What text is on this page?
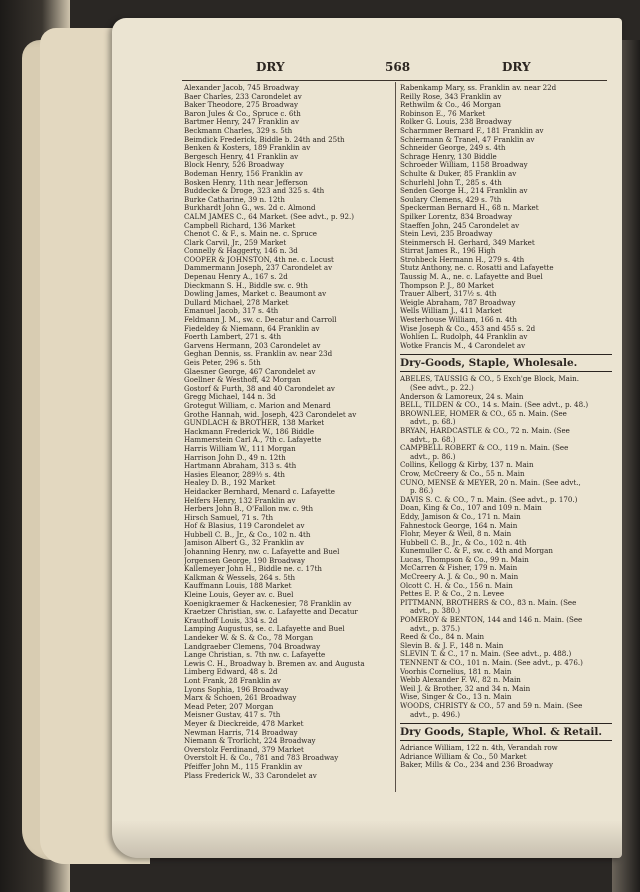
DRY	568	DRY
Alexander Jacob, 745 Broadway
Baer Charles, 233 Carondelet av
Baker Theodore, 275 Broadway
Baron Jules & Co., Spruce c. 6th
Bartmer Henry, 247 Franklin av
Beckmann Charles, 329 s. 5th
Beimdick Frederick, Biddle b. 24th and 25th
Benken & Kosters, 189 Franklin av
Bergesch Henry, 41 Franklin av
Block Henry, 526 Broadway
Bodeman Henry, 156 Franklin av
Bosken Henry, 11th near Jefferson
Buddecke & Droge, 323 and 325 s. 4th
Burke Catharine, 39 n. 12th
Burkhardt John G., ws. 2d c. Almond
CALM JAMES C., 64 Market. (See advt., p. 92.)
Campbell Richard, 136 Market
Chenot C. & F., s. Main ne. c. Spruce
Clark Carvil, Jr., 259 Market
Connelly & Haggerty, 146 n. 3d
COOPER & JOHNSTON, 4th ne. c. Locust
Dammermann Joseph, 237 Carondelet av
Depenau Henry A., 167 s. 2d
Dieckmann S. H., Biddle sw. c. 9th
Dowling James, Market c. Beaumont av
Dullard Michael, 278 Market
Emanuel Jacob, 317 s. 4th
Feldmann J. M., sw. c. Decatur and Carroll
Fiedeldey & Niemann, 64 Franklin av
Foerth Lambert, 271 s. 4th
Garvens Hermann, 203 Carondelet av
Geghan Dennis, ss. Franklin av. near 23d
Geis Peter, 296 s. 5th
Glaesner George, 467 Carondelet av
Goellner & Westhoff, 42 Morgan
Gostorf & Furth, 38 and 40 Carondelet av
Gregg Michael, 144 n. 3d
Grotegut William, c. Marion and Menard
Grothe Hannah, wid. Joseph, 423 Carondelet av
GUNDLACH & BROTHER, 138 Market
Hackmann Frederick W., 186 Biddle
Hammerstein Carl A., 7th c. Lafayette
Harris William W., 111 Morgan
Harrison John D., 49 n. 12th
Hartmann Abraham, 313 s. 4th
Hasies Eleanor, 289½ s. 4th
Healey D. B., 192 Market
Heidacker Bernhard, Menard c. Lafayette
Helfers Henry, 132 Franklin av
Herbers John B., O'Fallon nw. c. 9th
Hirsch Samuel, 71 s. 7th
Hof & Blasius, 119 Carondelet av
Hubbell C. B., Jr., & Co., 102 n. 4th
Jamison Albert G., 32 Franklin av
Johanning Henry, nw. c. Lafayette and Buel
Jorgensen George, 190 Broadway
Kallemeyer John H., Biddle ne. c. 17th
Kalkman & Wessels, 264 s. 5th
Kauffmann Louis, 188 Market
Kleine Louis, Geyer av. c. Buel
Koenigkraemer & Hackenesier, 78 Franklin av
Kraetzer Christian, sw. c. Lafayette and Decatur
Krauthoff Louis, 334 s. 2d
Lamping Augustus, se. c. Lafayette and Buel
Landeker W. & S. & Co., 78 Morgan
Landgraeber Clemens, 704 Broadway
Lange Christian, s. 7th nw. c. Lafayette
Lewis C. H., Broadway b. Bremen av. and Augusta
Limberg Edward, 48 s. 2d
Lont Frank, 28 Franklin av
Lyons Sophia, 196 Broadway
Marx & Schoen, 261 Broadway
Mead Peter, 207 Morgan
Meisner Gustav, 417 s. 7th
Meyer & Dieckreide, 478 Market
Newman Harris, 714 Broadway
Niemann & Trorlicht, 224 Broadway
Overstolz Ferdinand, 379 Market
Overstolt H. & Co., 781 and 783 Broadway
Pfeiffer John M., 115 Franklin av
Plass Frederick W., 33 Carondelet av
Rabenkamp Mary, ss. Franklin av. near 22d
Reilly Rose, 343 Franklin av
Rethwilm & Co., 46 Morgan
Robinson E., 76 Market
Rolker G. Louis, 238 Broadway
Scharmmer Bernard F., 181 Franklin av
Schiermann & Tranel, 47 Franklin av
Schneider George, 249 s. 4th
Schrage Henry, 130 Biddle
Schroeder William, 1158 Broadway
Schulte & Duker, 85 Franklin av
Schurlehl John T., 285 s. 4th
Senden George H., 214 Franklin av
Soulary Clemens, 429 s. 7th
Speckerman Bernard H., 68 n. Market
Spilker Lorentz, 834 Broadway
Staeffen John, 245 Carondelet av
Stein Levi, 235 Broadway
Steinmersch H. Gerhard, 349 Market
Stirrat James R., 196 High
Strohbeck Hermann H., 279 s. 4th
Stutz Anthony, ne. c. Rosatti and Lafayette
Taussig M. A., ne. c. Lafayette and Buel
Thompson P. J., 80 Market
Trauer Albert, 317½ s. 4th
Weigle Abraham, 787 Broadway
Wells William J., 411 Market
Westerhouse William, 166 n. 4th
Wise Joseph & Co., 453 and 455 s. 2d
Wohlien L. Rudolph, 44 Franklin av
Wotke Francis M., 4 Carondelet av
Dry-Goods, Staple, Wholesale.
ABELES, TAUSSIG & CO., 5 Exch'ge Block, Main.
(See advt., p. 22.)
Anderson & Lamoreux, 24 s. Main
BELL, TILDEN & CO., 14 s. Main. (See advt., p. 48.)
BROWNLEE, HOMER & CO., 65 n. Main. (See
advt., p. 68.)
BRYAN, HARDCASTLE & CO., 72 n. Main. (See
advt., p. 68.)
CAMPBELL ROBERT & CO., 119 n. Main. (See
advt., p. 86.)
Collins, Kellogg & Kirby, 137 n. Main
Crow, McCreery & Co., 55 n. Main
CUNO, MENSE & MEYER, 20 n. Main. (See advt.,
p. 86.)
DAVIS S. C. & CO., 7 n. Main. (See advt., p. 170.)
Doan, King & Co., 107 and 109 n. Main
Eddy, Jamison & Co., 171 n. Main
Fahnestock George, 164 n. Main
Flohr, Meyer & Weil, 8 n. Main
Hubbell C. B., Jr., & Co., 102 n. 4th
Kunemuller C. & F., sw. c. 4th and Morgan
Lucas, Thompson & Co., 99 n. Main
McCarren & Fisher, 179 n. Main
McCreery A. J. & Co., 90 n. Main
Olcott C. H. & Co., 156 n. Main
Pettes E. P. & Co., 2 n. Levee
PITTMANN, BROTHERS & CO., 83 n. Main. (See
advt., p. 380.)
POMEROY & BENTON, 144 and 146 n. Main. (See
advt., p. 375.)
Reed & Co., 84 n. Main
Slevin B. & J. F., 148 n. Main
SLEVIN T. & C., 17 n. Main. (See advt., p. 488.)
TENNENT & CO., 101 n. Main. (See advt., p. 476.)
Voorhis Cornelius, 181 n. Main
Webb Alexander F. W., 82 n. Main
Weil J. & Brother, 32 and 34 n. Main
Wise, Singer & Co., 13 n. Main
WOODS, CHRISTY & CO., 57 and 59 n. Main. (See
advt., p. 496.)
Dry Goods, Staple, Whol. & Retail.
Adriance William, 122 n. 4th, Verandah row
Adriance William & Co., 50 Market
Baker, Mills & Co., 234 and 236 Broadway
